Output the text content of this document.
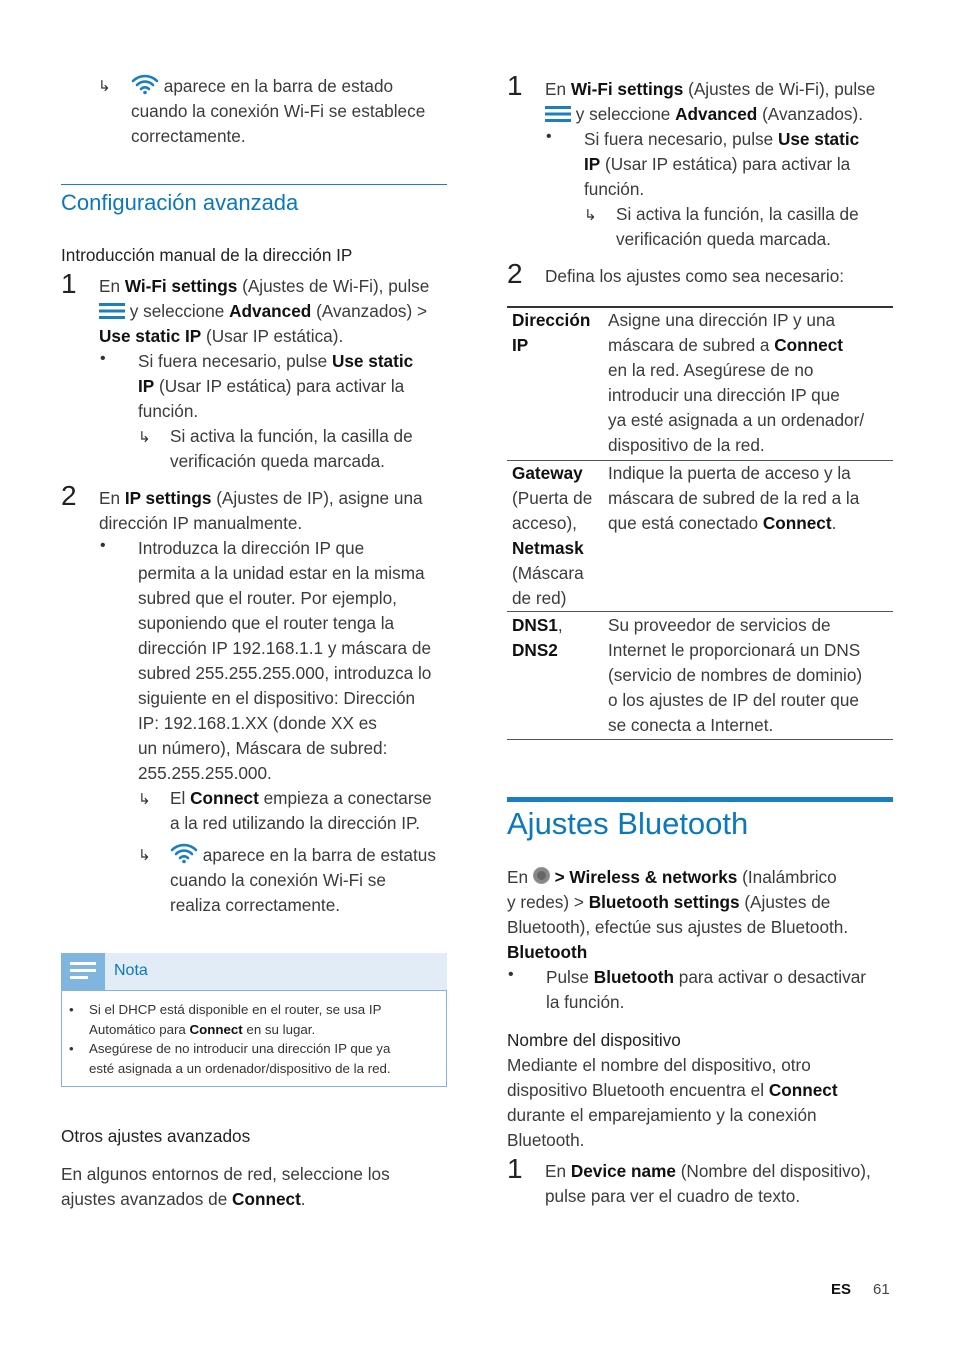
↳	aparece en la barra de estado
cuando la conexión Wi-Fi se establece
correctamente.
Configuración avanzada
Introducción manual de la dirección IP
1 En Wi-Fi settings (Ajustes de Wi-Fi), pulse
y seleccione Advanced (Avanzados) >
Use static IP (Usar IP estática).
• Si fuera necesario, pulse Use static
IP (Usar IP estática) para activar la
función.
↳ Si activa la función, la casilla de
verificación queda marcada.
2 En IP settings (Ajustes de IP), asigne una
dirección IP manualmente.
• Introduzca la dirección IP que
permita a la unidad estar en la misma
subred que el router. Por ejemplo,
suponiendo que el router tenga la
dirección IP 192.168.1.1 y máscara de
subred 255.255.255.000, introduzca lo
siguiente en el dispositivo: Dirección
IP: 192.168.1.XX (donde XX es
un número), Máscara de subred:
255.255.255.000.
↳ El Connect empieza a conectarse
a la red utilizando la dirección IP.
↳	aparece en la barra de estatus
cuando la conexión Wi-Fi se
realiza correctamente.
Nota
• Si el DHCP está disponible en el router, se usa IP
Automático para Connect en su lugar.
• Asegúrese de no introducir una dirección IP que ya
esté asignada a un ordenador/dispositivo de la red.
Otros ajustes avanzados
En algunos entornos de red, seleccione los
ajustes avanzados de Connect.
1 En Wi-Fi settings (Ajustes de Wi-Fi), pulse
y seleccione Advanced (Avanzados).
• Si fuera necesario, pulse Use static
IP (Usar IP estática) para activar la
función.
↳ Si activa la función, la casilla de
verificación queda marcada.
2 Defina los ajustes como sea necesario:
Dirección
IP
Asigne una dirección IP y una
máscara de subred a Connect
en la red. Asegúrese de no
introducir una dirección IP que
ya esté asignada a un ordenador/
dispositivo de la red.
Gateway
(Puerta de
acceso),
Netmask
(Máscara
de red)
Indique la puerta de acceso y la
máscara de subred de la red a la
que está conectado Connect.
DNS1,
DNS2
Su proveedor de servicios de
Internet le proporcionará un DNS
(servicio de nombres de dominio)
o los ajustes de IP del router que
se conecta a Internet.
Ajustes Bluetooth
En  > Wireless & networks (Inalámbrico
y redes) > Bluetooth settings (Ajustes de
Bluetooth), efectúe sus ajustes de Bluetooth.
Bluetooth
• Pulse Bluetooth para activar o desactivar
la función.
Nombre del dispositivo
Mediante el nombre del dispositivo, otro
dispositivo Bluetooth encuentra el Connect
durante el emparejamiento y la conexión
Bluetooth.
1 En Device name (Nombre del dispositivo),
pulse para ver el cuadro de texto.
ES 61
